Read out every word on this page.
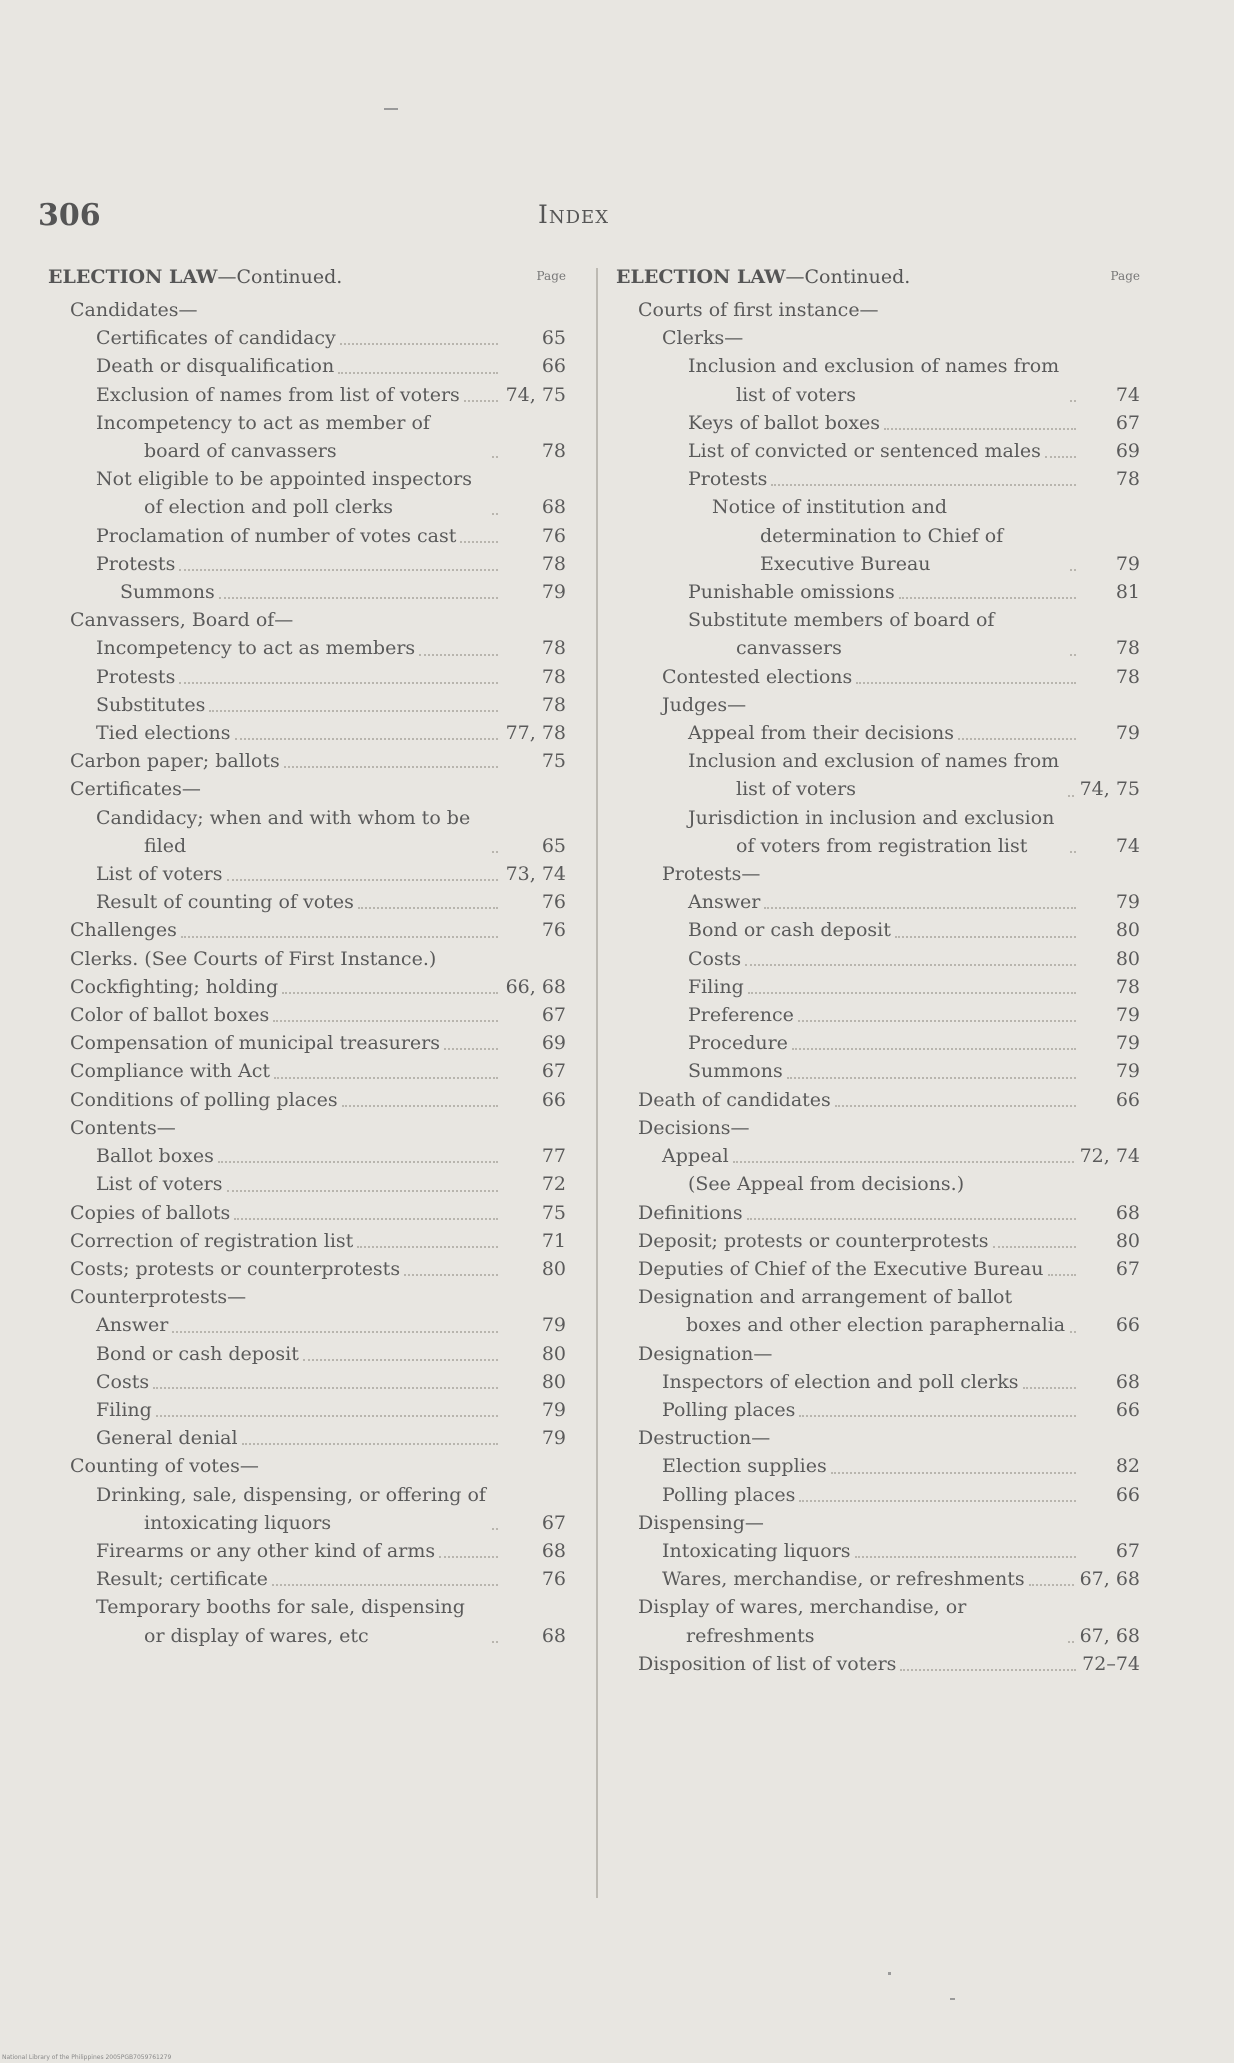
306	Index
ELECTION LAW—Continued.	Page
Candidates—
Certificates of candidacy	65
Death or disqualification	66
Exclusion of names from list of voters 74, 75
Incompetency to act as member of board of canvassers	78
Not eligible to be appointed inspectors of election and poll clerks	68
Proclamation of number of votes cast	76
Protests	78
Summons	79
Canvassers, Board of—
Incompetency to act as members	78
Protests	78
Substitutes	78
Tied elections	77, 78
Carbon paper; ballots	75
Certificates—
Candidacy; when and with whom to be filed	65
List of voters	73, 74
Result of counting of votes	76
Challenges	76
Clerks. (See Courts of First Instance.)
Cockfighting; holding	66, 68
Color of ballot boxes	67
Compensation of municipal treasurers	69
Compliance with Act	67
Conditions of polling places	66
Contents—
Ballot boxes	77
List of voters	72
Copies of ballots	75
Correction of registration list	71
Costs; protests or counterprotests	80
Counterprotests—
Answer	79
Bond or cash deposit	80
Costs	80
Filing	79
General denial	79
Counting of votes—
Drinking, sale, dispensing, or offering of intoxicating liquors	67
Firearms or any other kind of arms	68
Result; certificate	76
Temporary booths for sale, dispensing or display of wares, etc	68
ELECTION LAW—Continued.	Page
Courts of first instance—
Clerks—
Inclusion and exclusion of names from list of voters	74
Keys of ballot boxes	67
List of convicted or sentenced males	69
Protests	78
Notice of institution and determination to Chief of Executive Bureau	79
Punishable omissions	81
Substitute members of board of canvassers	78
Contested elections	78
Judges—
Appeal from their decisions	79
Inclusion and exclusion of names from list of voters	74, 75
Jurisdiction in inclusion and exclusion of voters from registration list	74
Protests—
Answer	79
Bond or cash deposit	80
Costs	80
Filing	78
Preference	79
Procedure	79
Summons	79
Death of candidates	66
Decisions—
Appeal	72, 74
(See Appeal from decisions.)
Definitions	68
Deposit; protests or counterprotests	80
Deputies of Chief of the Executive Bureau	67
Designation and arrangement of ballot boxes and other election paraphernalia	66
Designation—
Inspectors of election and poll clerks	68
Polling places	66
Destruction—
Election supplies	82
Polling places	66
Dispensing—
Intoxicating liquors	67
Wares, merchandise, or refreshments	67, 68
Display of wares, merchandise, or refreshments	67, 68
Disposition of list of voters	72–74
National Library of the Philippines 2005PGB7059761279
